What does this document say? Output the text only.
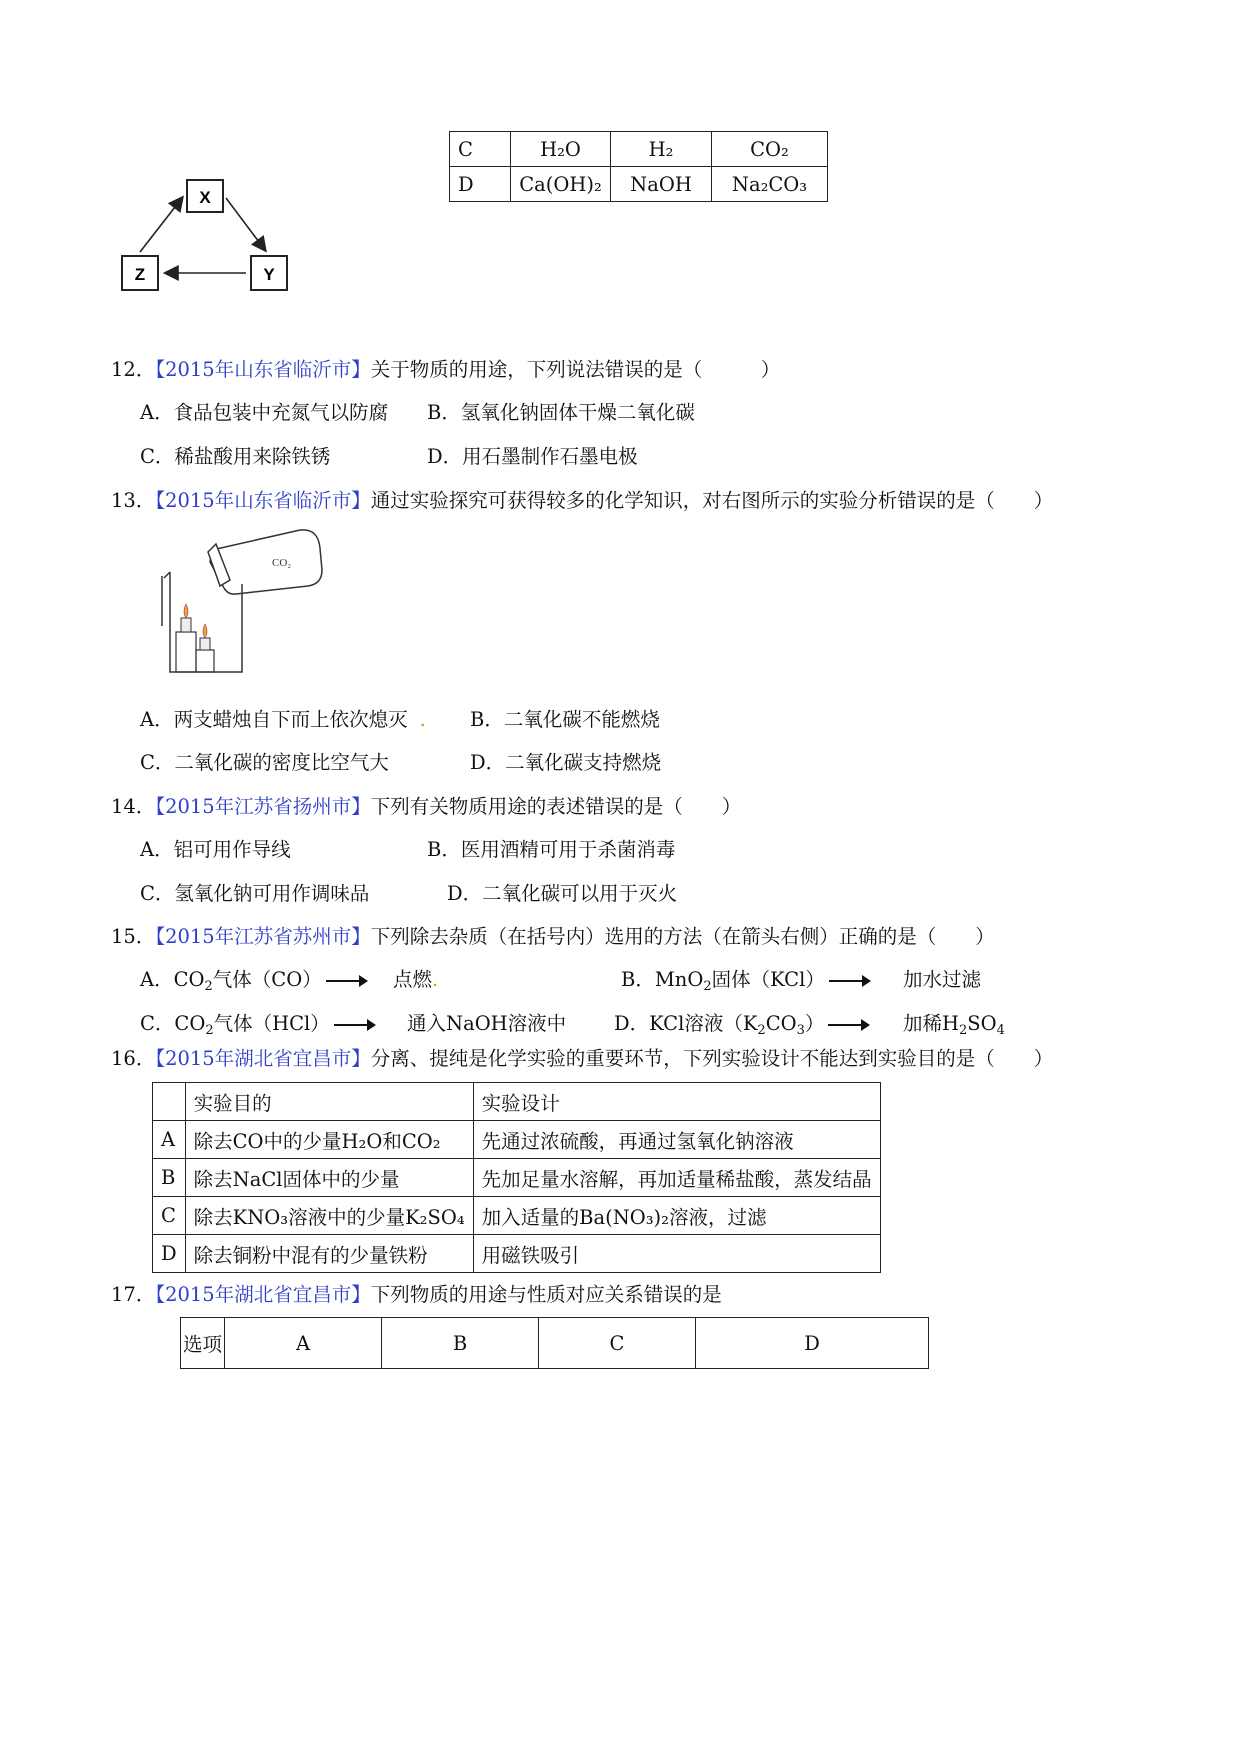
C	H₂O	H₂	CO₂
D	Ca(OH)₂	NaOH	Na₂CO₃
X
Z	Y
12．【2015年山东省临沂市】关于物质的用途，下列说法错误的是（　　　）
A．食品包装中充氮气以防腐 B．氢氧化钠固体干燥二氧化碳
C．稀盐酸用来除铁锈	D．用石墨制作石墨电极
13．【2015年山东省临沂市】通过实验探究可获得较多的化学知识，对右图所示的实验分析错误的是（　　）
CO₂
A．两支蜡烛自下而上依次熄灭 . B．二氧化碳不能燃烧
C．二氧化碳的密度比空气大	D．二氧化碳支持燃烧
14．【2015年江苏省扬州市】下列有关物质用途的表述错误的是（　　）
A．铝可用作导线	B．医用酒精可用于杀菌消毒
C．氢氧化钠可用作调味品	D．二氧化碳可以用于灭火
15．【2015年江苏省苏州市】下列除去杂质（在括号内）选用的方法（在箭头右侧）正确的是（　　）
A．$CO_2$气体（CO）	点燃.	B．MnO$_2$固体（KCl）	加水过滤
C．$CO_2$气体（HCl）	通入NaOH溶液中 D．KCl溶液$(K_2CO_3)$	加稀$H_2SO_4$
16．【2015年湖北省宜昌市】分离、提纯是化学实验的重要环节，下列实验设计不能达到实验目的是（　　）
	实验目的	实验设计
A	除去CO中的少量H₂O和CO₂	先通过浓硫酸，再通过氢氧化钠溶液
B	除去NaCl固体中的少量	先加足量水溶解，再加适量稀盐酸，蒸发结晶
C	除去KNO₃溶液中的少量K₂SO₄	加入适量的Ba(NO₃)₂溶液，过滤
D	除去铜粉中混有的少量铁粉	用磁铁吸引
17．【2015年湖北省宜昌市】下列物质的用途与性质对应关系错误的是
选项	A	B	C	D
